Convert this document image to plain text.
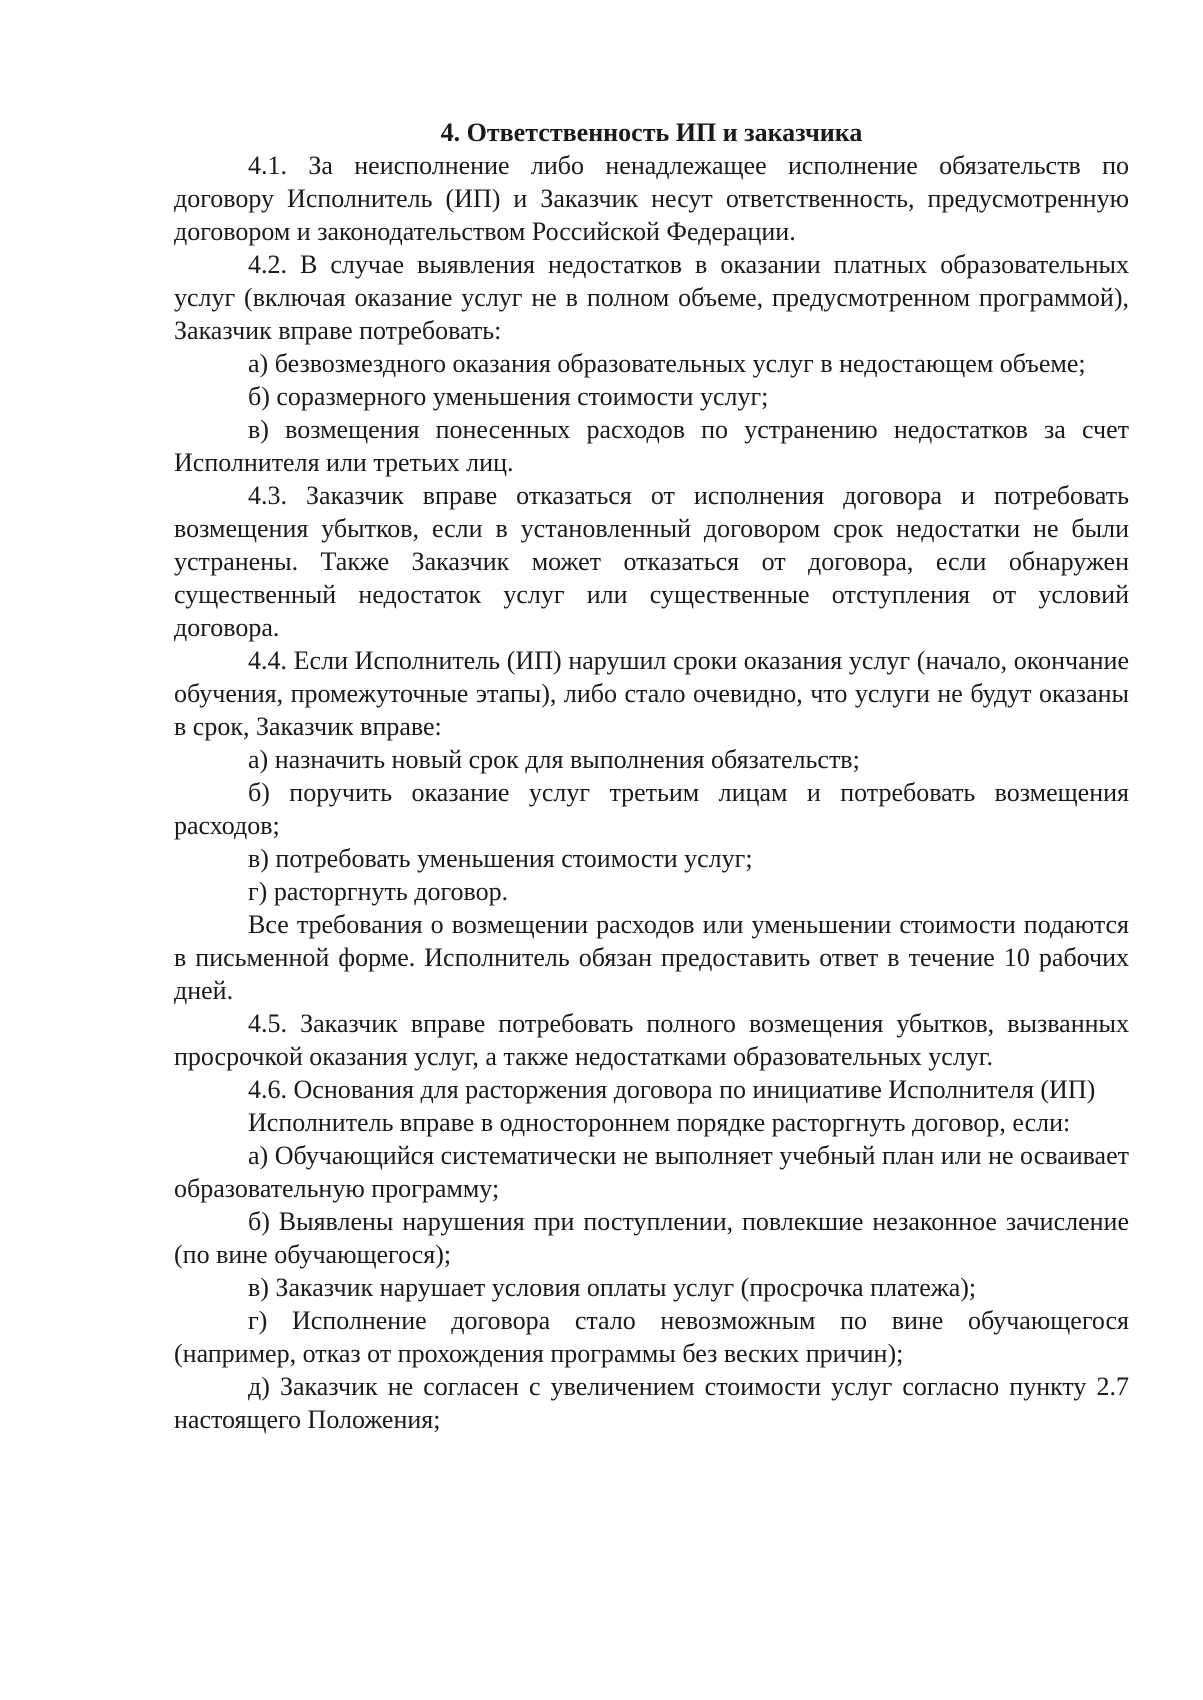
4. Ответственность ИП и заказчика

4.1. За неисполнение либо ненадлежащее исполнение обязательств по договору Исполнитель (ИП) и Заказчик несут ответственность, предусмотренную договором и законодательством Российской Федерации.

4.2. В случае выявления недостатков в оказании платных образовательных услуг (включая оказание услуг не в полном объеме, предусмотренном программой), Заказчик вправе потребовать:

а) безвозмездного оказания образовательных услуг в недостающем объеме;

б) соразмерного уменьшения стоимости услуг;

в) возмещения понесенных расходов по устранению недостатков за счет Исполнителя или третьих лиц.

4.3. Заказчик вправе отказаться от исполнения договора и потребовать возмещения убытков, если в установленный договором срок недостатки не были устранены. Также Заказчик может отказаться от договора, если обнаружен существенный недостаток услуг или существенные отступления от условий договора.

4.4. Если Исполнитель (ИП) нарушил сроки оказания услуг (начало, окончание обучения, промежуточные этапы), либо стало очевидно, что услуги не будут оказаны в срок, Заказчик вправе:

а) назначить новый срок для выполнения обязательств;

б) поручить оказание услуг третьим лицам и потребовать возмещения расходов;

в) потребовать уменьшения стоимости услуг;

г) расторгнуть договор.

Все требования о возмещении расходов или уменьшении стоимости подаются в письменной форме. Исполнитель обязан предоставить ответ в течение 10 рабочих дней.

4.5. Заказчик вправе потребовать полного возмещения убытков, вызванных просрочкой оказания услуг, а также недостатками образовательных услуг.

4.6. Основания для расторжения договора по инициативе Исполнителя (ИП)

Исполнитель вправе в одностороннем порядке расторгнуть договор, если:

а) Обучающийся систематически не выполняет учебный план или не осваивает образовательную программу;

б) Выявлены нарушения при поступлении, повлекшие незаконное зачисление (по вине обучающегося);

в) Заказчик нарушает условия оплаты услуг (просрочка платежа);

г) Исполнение договора стало невозможным по вине обучающегося (например, отказ от прохождения программы без веских причин);

д) Заказчик не согласен с увеличением стоимости услуг согласно пункту 2.7 настоящего Положения;
